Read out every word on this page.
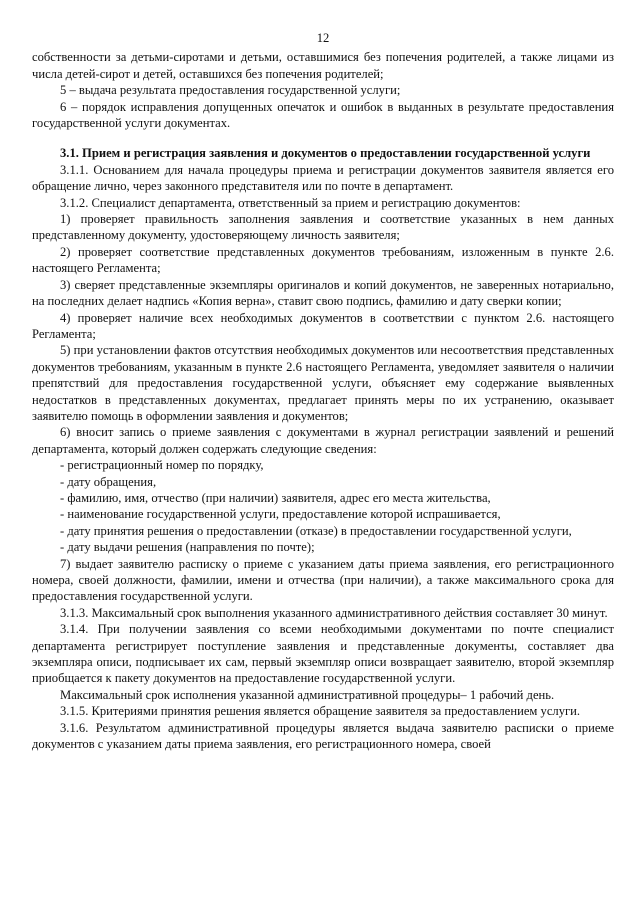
12

собственности за детьми-сиротами и детьми, оставшимися без попечения родителей, а также лицами из числа детей-сирот и детей, оставшихся без попечения родителей;

5 – выдача результата предоставления государственной услуги;

6 – порядок исправления допущенных опечаток и ошибок в выданных в результате предоставления государственной услуги документах.

3.1. Прием и регистрация заявления и документов о предоставлении государственной услуги

3.1.1. Основанием для начала процедуры приема и регистрации документов заявителя является его обращение лично, через законного представителя или по почте в департамент.

3.1.2. Специалист департамента, ответственный за прием и регистрацию документов:

1) проверяет правильность заполнения заявления и соответствие указанных в нем данных представленному документу, удостоверяющему личность заявителя;

2) проверяет соответствие представленных документов требованиям, изложенным в пункте 2.6. настоящего Регламента;

3) сверяет представленные экземпляры оригиналов и копий документов, не заверенных нотариально, на последних делает надпись «Копия верна», ставит свою подпись, фамилию и дату сверки копии;

4) проверяет наличие всех необходимых документов в соответствии с пунктом 2.6. настоящего Регламента;

5) при установлении фактов отсутствия необходимых документов или несоответствия представленных документов требованиям, указанным в пункте 2.6 настоящего Регламента, уведомляет заявителя о наличии препятствий для предоставления государственной услуги, объясняет ему содержание выявленных недостатков в представленных документах, предлагает принять меры по их устранению, оказывает заявителю помощь в оформлении заявления и документов;

6) вносит запись о приеме заявления с документами в журнал регистрации заявлений и решений департамента, который должен содержать следующие сведения:

- регистрационный номер по порядку,

- дату обращения,

- фамилию, имя, отчество (при наличии) заявителя, адрес его места жительства,

- наименование государственной услуги, предоставление которой испрашивается,

- дату принятия решения о предоставлении (отказе) в предоставлении государственной услуги,

- дату выдачи решения (направления по почте);

7) выдает заявителю расписку о приеме с указанием даты приема заявления, его регистрационного номера, своей должности, фамилии, имени и отчества (при наличии), а также максимального срока для предоставления государственной услуги.

3.1.3. Максимальный срок выполнения указанного административного действия составляет 30 минут.

3.1.4. При получении заявления со всеми необходимыми документами по почте специалист департамента регистрирует поступление заявления и представленные документы, составляет два экземпляра описи, подписывает их сам, первый экземпляр описи возвращает заявителю, второй экземпляр приобщается к пакету документов на предоставление государственной услуги.

Максимальный срок исполнения указанной административной процедуры– 1 рабочий день.

3.1.5. Критериями принятия решения является обращение заявителя за предоставлением услуги.

3.1.6. Результатом административной процедуры является выдача заявителю расписки о приеме документов с указанием даты приема заявления, его регистрационного номера, своей
